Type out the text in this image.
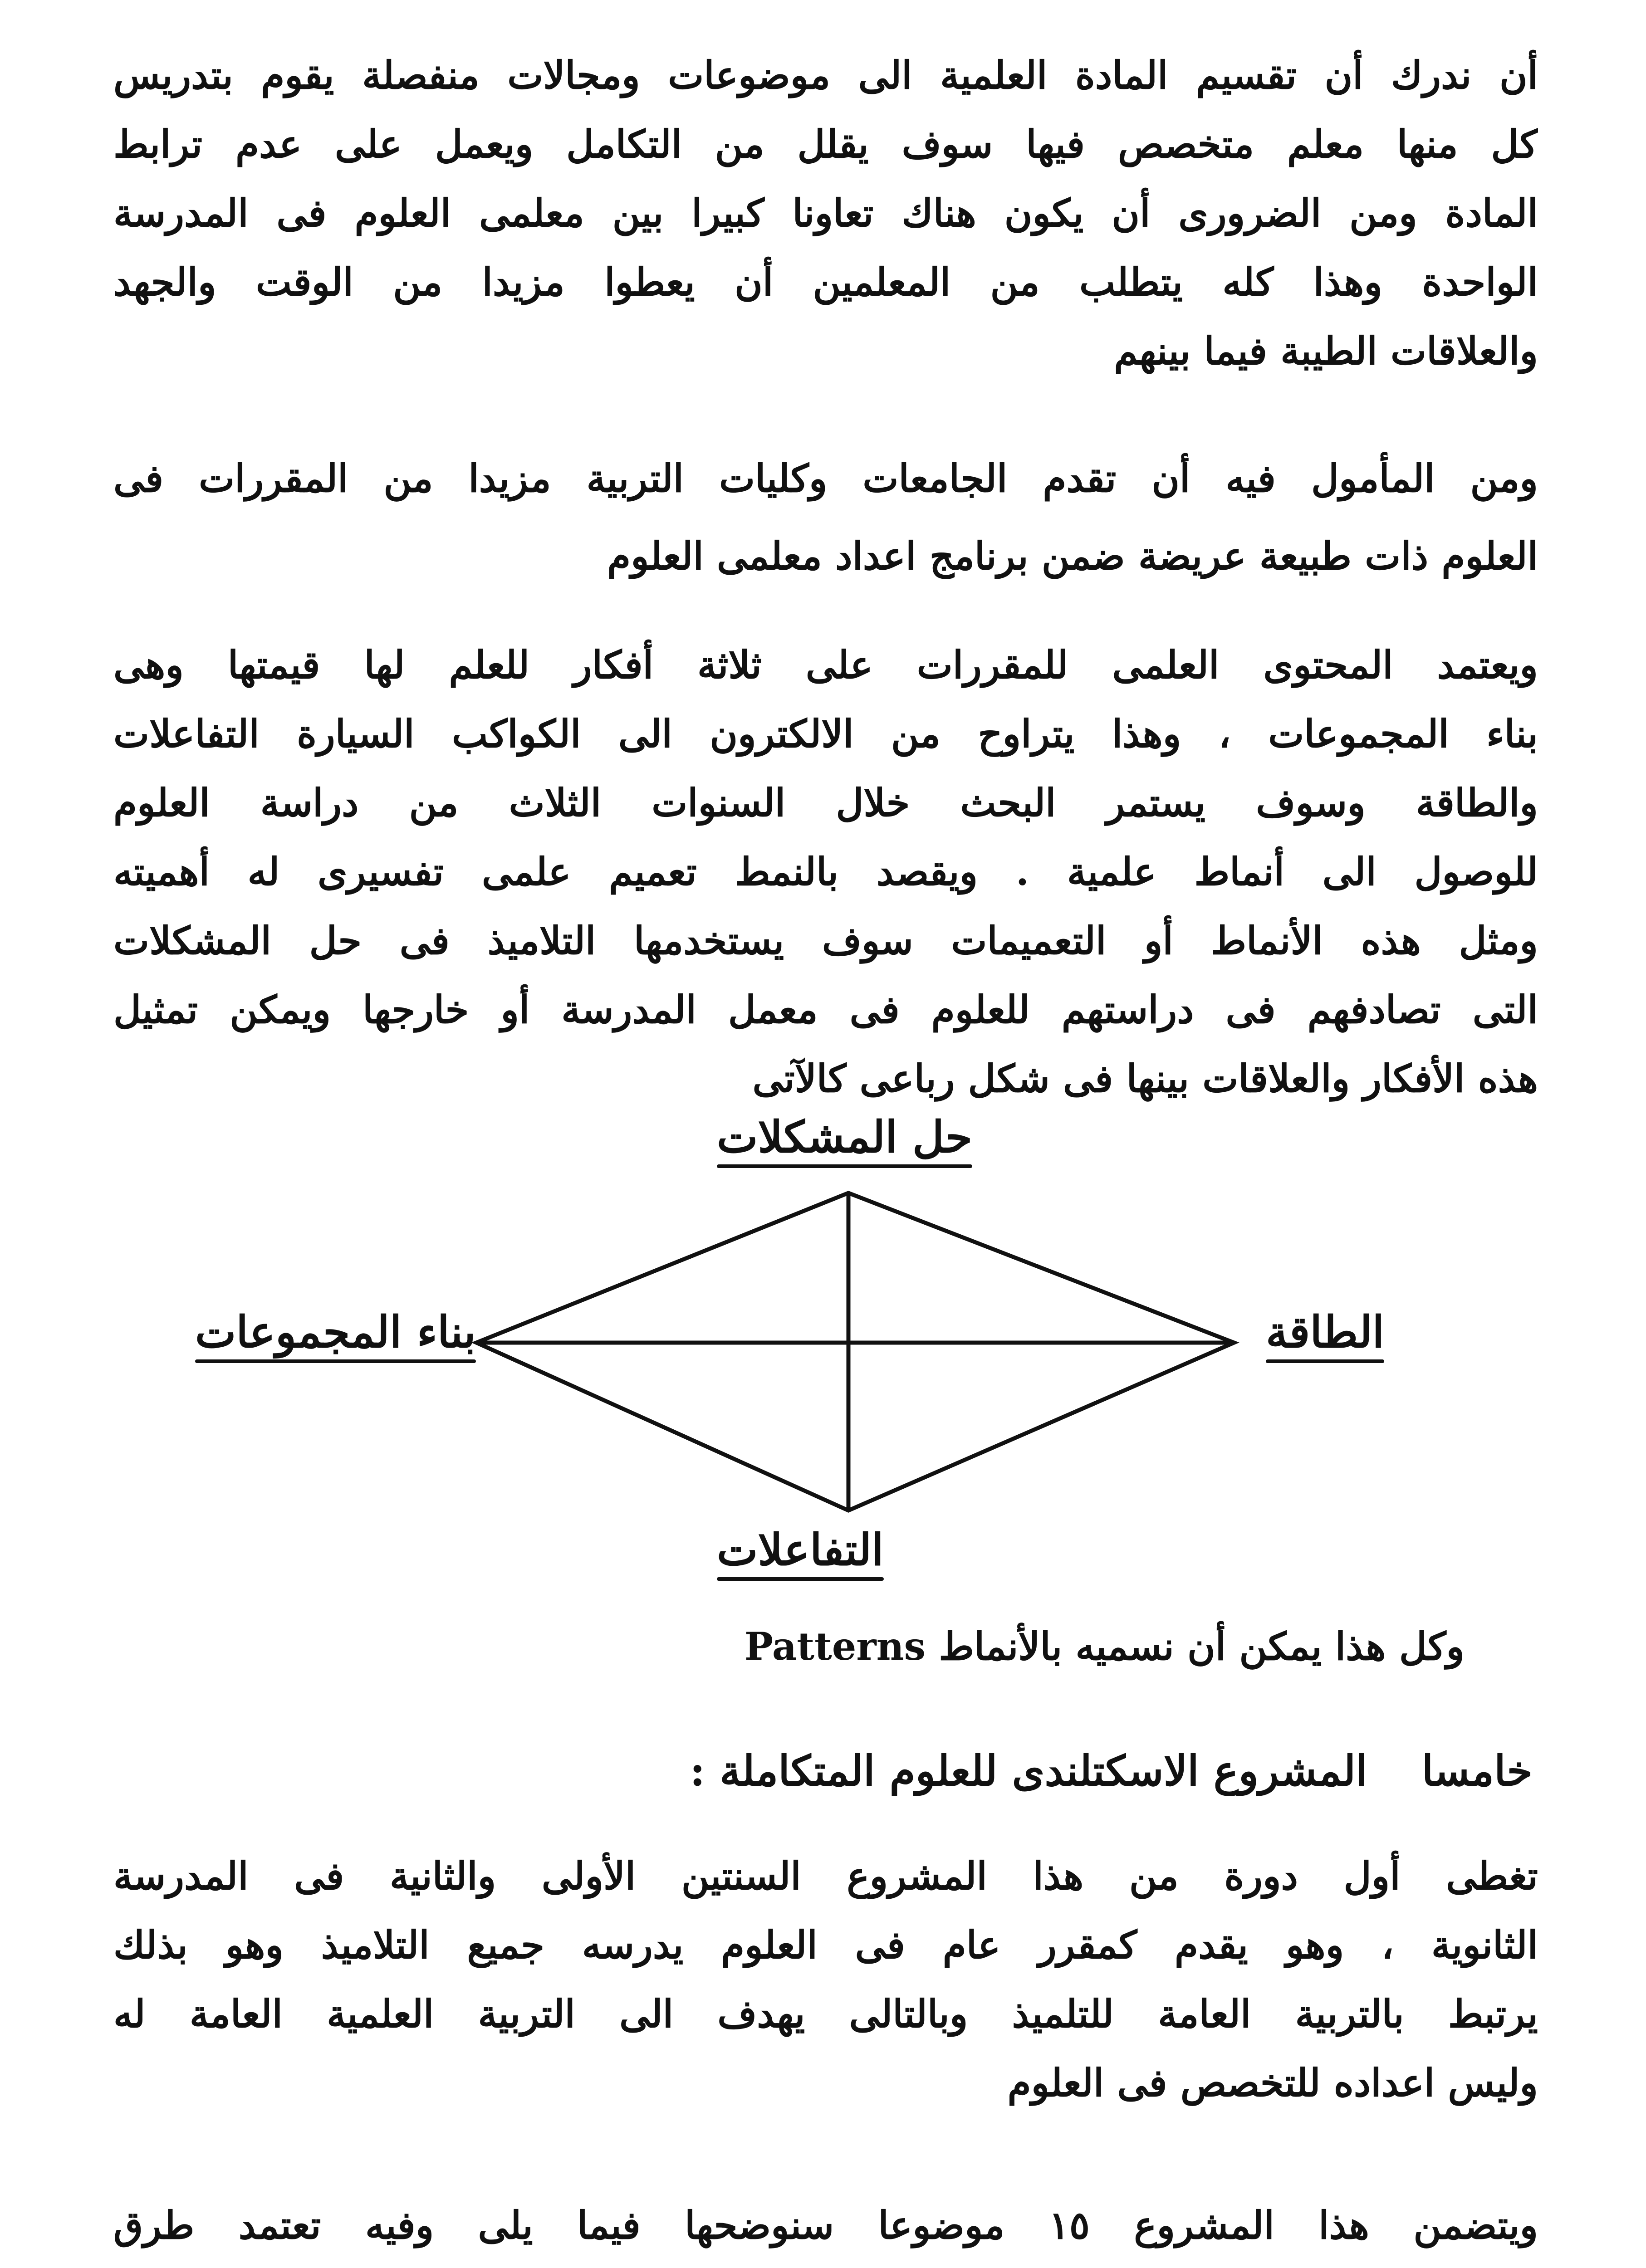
أن ندرك أن تقسيم المادة العلمية الى موضوعات ومجالات منفصلة يقوم بتدريس
كل منها معلم متخصص فيها سوف يقلل من التكامل ويعمل على عدم ترابط
المادة ومن الضرورى أن يكون هناك تعاونا كبيرا بين معلمى العلوم فى المدرسة
الواحدة وهذا كله يتطلب من المعلمين أن يعطوا مزيدا من الوقت والجهد
والعلاقات الطيبة فيما بينهم
ومن المأمول فيه أن تقدم الجامعات وكليات التربية مزيدا من المقررات فى
العلوم ذات طبيعة عريضة ضمن برنامج اعداد معلمى العلوم
ويعتمد المحتوى العلمى للمقررات على ثلاثة أفكار للعلم لها قيمتها وهى
بناء المجموعات ، وهذا يتراوح من الالكترون الى الكواكب السيارة التفاعلات
والطاقة وسوف يستمر البحث خلال السنوات الثلاث من دراسة العلوم
للوصول الى أنماط علمية . ويقصد بالنمط تعميم علمى تفسيرى له أهميته
ومثل هذه الأنماط أو التعميمات سوف يستخدمها التلاميذ فى حل المشكلات
التى تصادفهم فى دراستهم للعلوم فى معمل المدرسة أو خارجها ويمكن تمثيل
هذه الأفكار والعلاقات بينها فى شكل رباعى كالآتى
حل المشكلات
الطاقة
بناء المجموعات
التفاعلات
وكل هذا يمكن أن نسميه بالأنماط Patterns
خامساالمشروع الاسكتلندى للعلوم المتكاملة :
تغطى أول دورة من هذا المشروع السنتين الأولى والثانية فى المدرسة
الثانوية ، وهو يقدم كمقرر عام فى العلوم يدرسه جميع التلاميذ وهو بذلك
يرتبط بالتربية العامة للتلميذ وبالتالى يهدف الى التربية العلمية العامة له
وليس اعداده للتخصص فى العلوم
ويتضمن هذا المشروع ١٥ موضوعا سنوضحها فيما يلى وفيه تعتمد طرق
